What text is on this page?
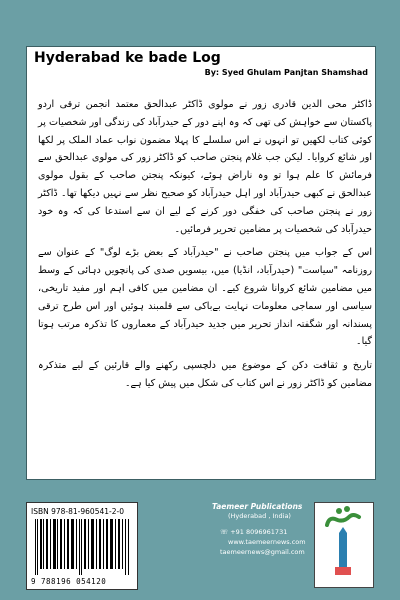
Hyderabad ke bade Log
By: Syed Ghulam Panjtan Shamshad

ڈاکٹر محی الدین قادری زور نے مولوی ڈاکٹر عبدالحق معتمد انجمن ترقی اردو پاکستان سے خواہش کی تھی کہ وہ اپنے دور کے حیدرآباد کی زندگی اور شخصیات پر کوئی کتاب لکھیں تو انہوں نے اس سلسلے کا پہلا مضمون نواب عماد الملک پر لکھا اور شائع کروایا۔ لیکن جب غلام پنجتن صاحب کو ڈاکٹر زور کی مولوی عبدالحق سے فرمائش کا علم ہوا تو وہ ناراض ہوئے، کیونکہ پنجتن صاحب کے بقول مولوی عبدالحق نے کبھی حیدرآباد اور اہل حیدرآباد کو صحیح نظر سے نہیں دیکھا تھا۔ ڈاکٹر زور نے پنجتن صاحب کی خفگی دور کرنے کے لیے ان سے استدعا کی کہ وہ خود حیدرآباد کی شخصیات پر مضامین تحریر فرمائیں۔

اس کے جواب میں پنجتن صاحب نے "حیدرآباد کے بعض بڑے لوگ" کے عنوان سے روزنامہ "سیاست" (حیدرآباد، انڈیا) میں، بیسویں صدی کی پانچویں دہائی کے وسط میں مضامین شائع کروانا شروع کیے۔ ان مضامین میں کافی اہم اور مفید تاریخی، سیاسی اور سماجی معلومات نہایت بےباکی سے قلمبند ہوئیں اور اس طرح ترقی پسندانہ اور شگفتہ انداز تحریر میں جدید حیدرآباد کے معماروں کا تذکرہ مرتب ہوتا گیا۔

تاریخ و ثقافت دکن کے موضوع میں دلچسپی رکھنے والے قارئین کے لیے متذکرہ مضامین کو ڈاکٹر زور نے اس کتاب کی شکل میں پیش کیا ہے۔

ISBN 978-81-960541-2-0
9 788196 054120
Taemeer Publications
(Hyderabad , India)
☏ +91 8096961731
www.taemeernews.com
taemeernews@gmail.com
